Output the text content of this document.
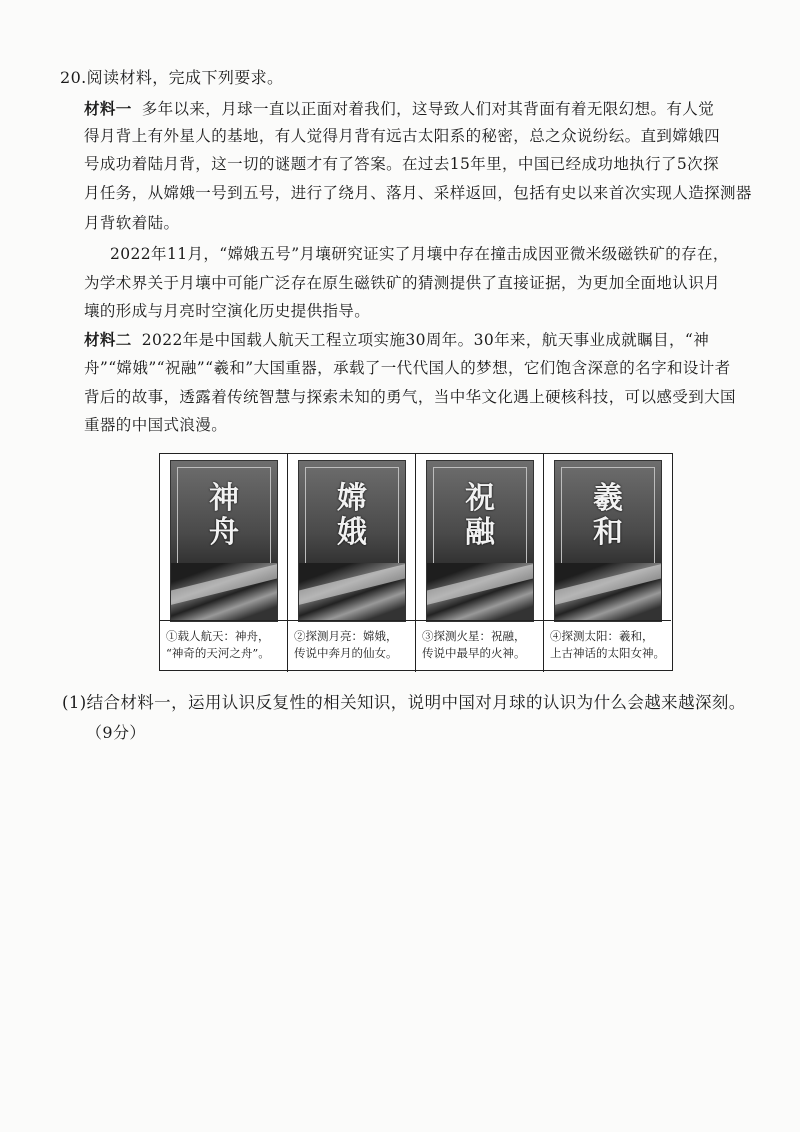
20.阅读材料，完成下列要求。
材料一 多年以来，月球一直以正面对着我们，这导致人们对其背面有着无限幻想。有人觉
得月背上有外星人的基地，有人觉得月背有远古太阳系的秘密，总之众说纷纭。直到嫦娥四
号成功着陆月背，这一切的谜题才有了答案。在过去15年里，中国已经成功地执行了5次探
月任务，从嫦娥一号到五号，进行了绕月、落月、采样返回，包括有史以来首次实现人造探测器
月背软着陆。
2022年11月，“嫦娥五号”月壤研究证实了月壤中存在撞击成因亚微米级磁铁矿的存在，
为学术界关于月壤中可能广泛存在原生磁铁矿的猜测提供了直接证据，为更加全面地认识月
壤的形成与月亮时空演化历史提供指导。
材料二 2022年是中国载人航天工程立项实施30周年。30年来，航天事业成就瞩目，“神
舟”“嫦娥”“祝融”“羲和”大国重器，承载了一代代国人的梦想，它们饱含深意的名字和设计者
背后的故事，透露着传统智慧与探索未知的勇气，当中华文化遇上硬核科技，可以感受到大国
重器的中国式浪漫。
神
舟
①载人航天：神舟，
“神奇的天河之舟”。
嫦
娥
②探测月亮：嫦娥，
传说中奔月的仙女。
祝
融
③探测火星：祝融，
传说中最早的火神。
羲
和
④探测太阳：羲和，
上古神话的太阳女神。
(1)结合材料一，运用认识反复性的相关知识，说明中国对月球的认识为什么会越来越深刻。
（9分）
